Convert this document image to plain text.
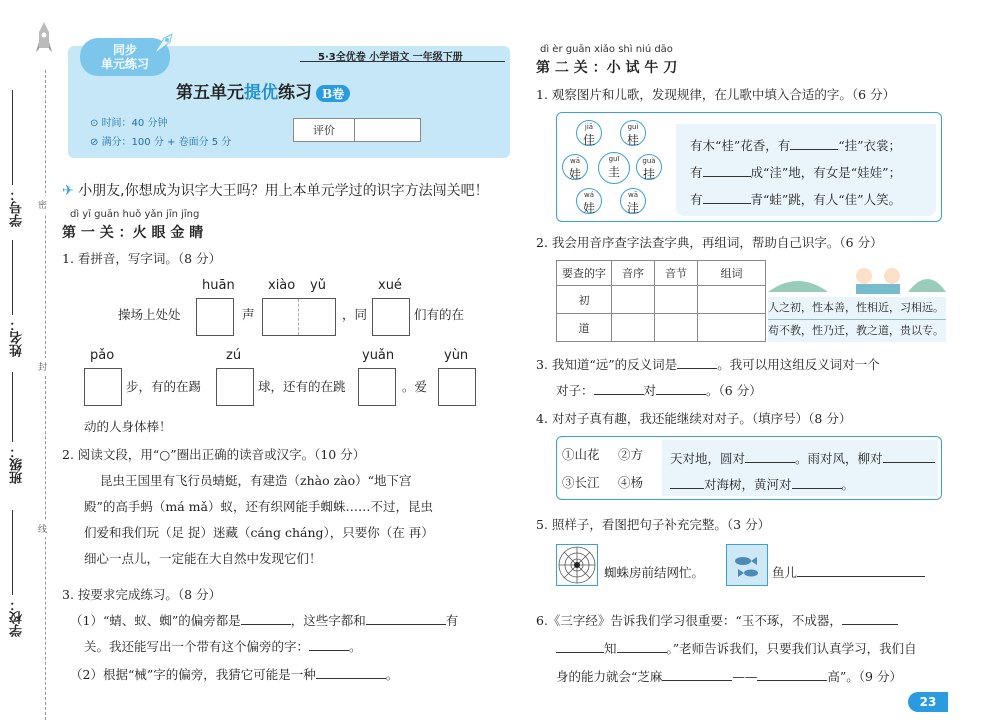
学号：
姓名：
班级：
学校：
密
封
线
同步
单元练习	5·3全优卷 小学语文 一年级下册
第五单元提优练习 B卷
⊙ 时间：40 分钟
⊘ 满分：100 分 + 卷面分 5 分
评价
✈ 小朋友,你想成为识字大王吗？用上本单元学过的识字方法闯关吧！
dì yī guān huǒ yǎn jīn jīng
第 一 关 ：火 眼 金 睛
1. 看拼音，写字词。（8 分）
huān	xiào yǔ	xué
操场上处处	声	，同	们有的在
pǎo	zú	yuǎn	yùn
步，有的在踢	球，还有的在跳	。爱
动的人身体棒！
2. 阅读文段，用“○”圈出正确的读音或汉字。（10 分）
昆虫王国里有飞行员蜻蜓，有建造（zhào zào）“地下宫
殿”的高手蚂（má mǎ）蚁，还有织网能手蜘蛛……不过，昆虫
们爱和我们玩（足 捉）迷藏（cáng cháng），只要你（在 再）
细心一点儿，一定能在大自然中发现它们！
3. 按要求完成练习。（8 分）
（1）“蜻、蚁、蜘”的偏旁都是	，这些字都和	有
关。我还能写出一个带有这个偏旁的字：	。
（2）根据“械”字的偏旁，我猜它可能是一种	。
dì èr guān xiǎo shì niú dāo
第 二 关 ：小 试 牛 刀
1. 观察图片和儿歌，发现规律，在儿歌中填入合适的字。（6 分）
jiā
佳
guì
桂
wā
娃
guī
圭
guà
挂
wá
娃
wā
洼
有木“桂”花香，有	“挂”衣裳；
有	成“洼”地，有女是“娃娃”；
有	青“蛙”跳，有人“佳”人笑。
2. 我会用音序查字法查字典，再组词，帮助自己识字。（6 分）
要查的字	音序	音节	组词
初			
道			
人之初，性本善，性相近，习相远。
苟不教，性乃迁，教之道，贵以专。
3. 我知道“远”的反义词是	。我可以用这组反义词对一个
对子：	对	。（6 分）
4. 对对子真有趣，我还能继续对对子。（填序号）（8 分）
①山花 ②方
③长江 ④杨
天对地，圆对	。雨对风，柳对
对海树，黄河对	。
5. 照样子，看图把句子补充完整。（3 分）
蜘蛛房前结网忙。	鱼儿
6.《三字经》告诉我们学习很重要：“玉不琢，不成器，
知	。”老师告诉我们，只要我们认真学习，我们自
身的能力就会“芝麻	——	高”。（9 分）
23
